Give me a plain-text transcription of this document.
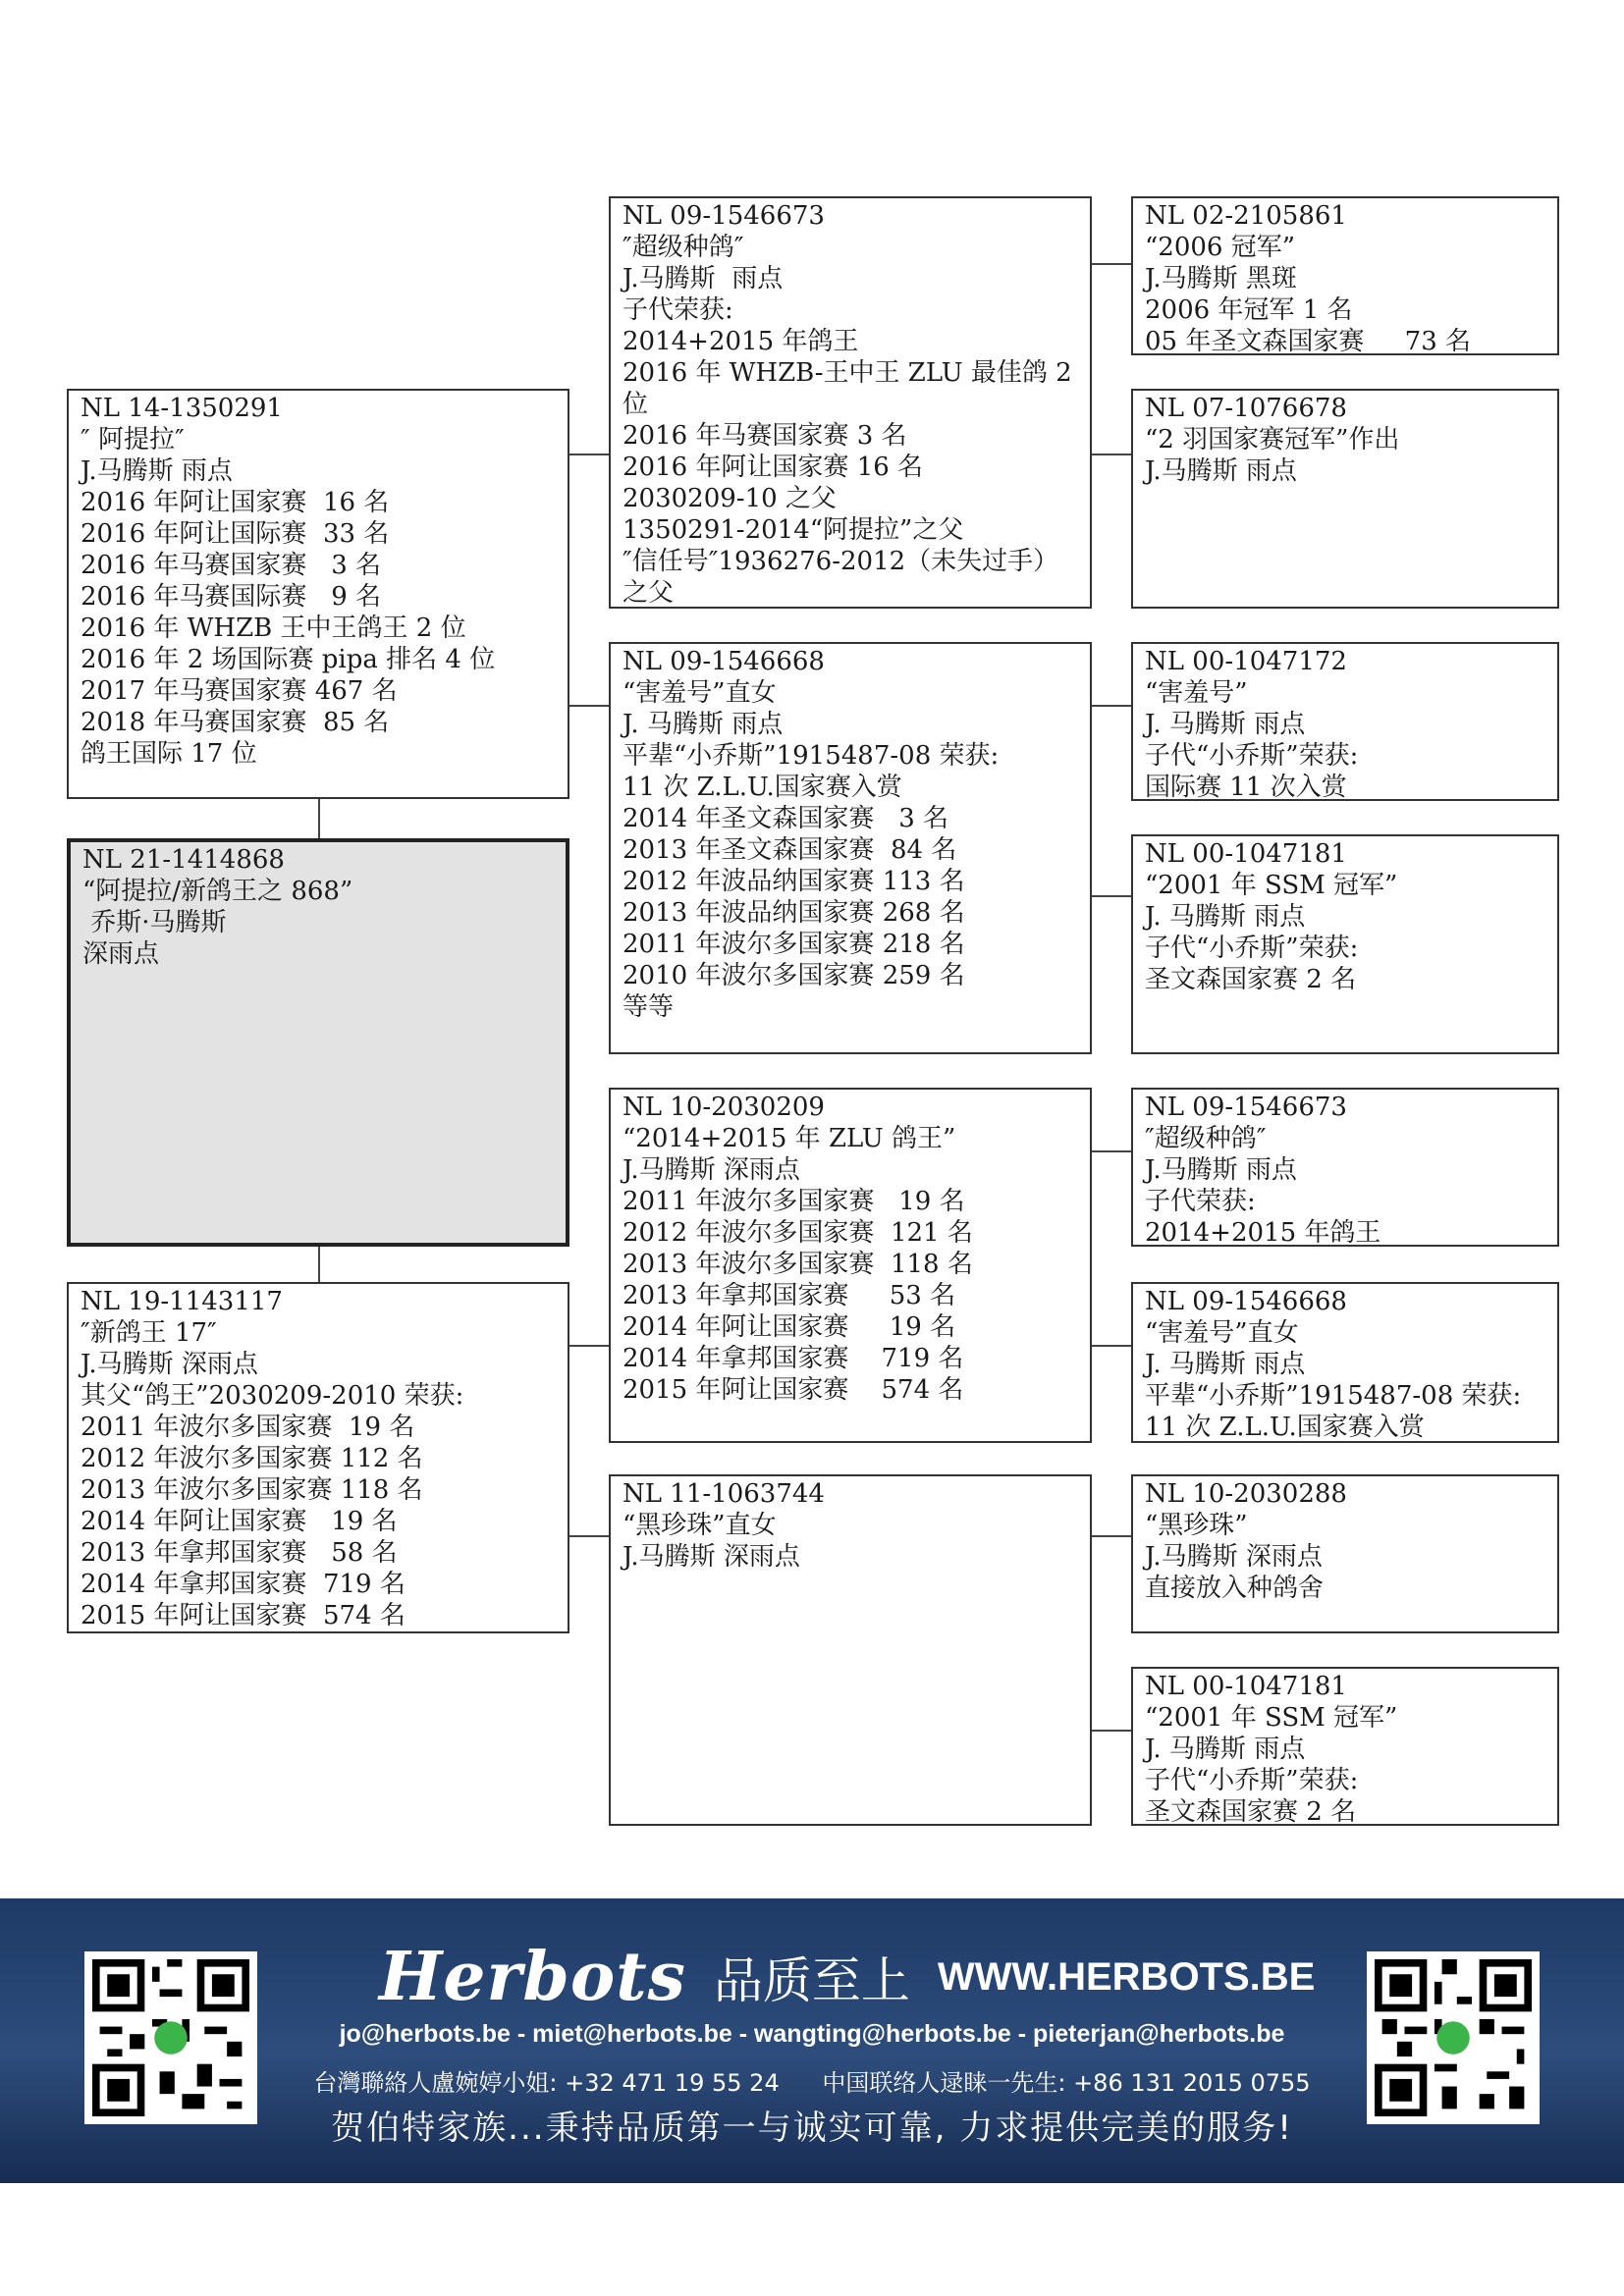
NL 14-1350291
″ 阿提拉″
J.马腾斯 雨点
2016 年阿让国家赛  16 名
2016 年阿让国际赛  33 名
2016 年马赛国家赛   3 名
2016 年马赛国际赛   9 名
2016 年 WHZB 王中王鸽王 2 位
2016 年 2 场国际赛 pipa 排名 4 位
2017 年马赛国家赛 467 名
2018 年马赛国家赛  85 名
鸽王国际 17 位
NL 21-1414868
“阿提拉/新鸽王之 868”
乔斯·马腾斯
深雨点
NL 19-1143117
″新鸽王 17″
J.马腾斯 深雨点
其父“鸽王”2030209-2010 荣获:
2011 年波尔多国家赛  19 名
2012 年波尔多国家赛 112 名
2013 年波尔多国家赛 118 名
2014 年阿让国家赛   19 名
2013 年拿邦国家赛   58 名
2014 年拿邦国家赛  719 名
2015 年阿让国家赛  574 名
NL 09-1546673
″超级种鸽″
J.马腾斯  雨点
子代荣获:
2014+2015 年鸽王
2016 年 WHZB-王中王 ZLU 最佳鸽 2
位
2016 年马赛国家赛 3 名
2016 年阿让国家赛 16 名
2030209-10 之父
1350291-2014“阿提拉”之父
″信任号″1936276-2012（未失过手）
之父
NL 09-1546668
“害羞号”直女
J. 马腾斯 雨点
平辈“小乔斯”1915487-08 荣获:
11 次 Z.L.U.国家赛入赏
2014 年圣文森国家赛   3 名
2013 年圣文森国家赛  84 名
2012 年波品纳国家赛 113 名
2013 年波品纳国家赛 268 名
2011 年波尔多国家赛 218 名
2010 年波尔多国家赛 259 名
等等
NL 10-2030209
“2014+2015 年 ZLU 鸽王”
J.马腾斯 深雨点
2011 年波尔多国家赛   19 名
2012 年波尔多国家赛  121 名
2013 年波尔多国家赛  118 名
2013 年拿邦国家赛     53 名
2014 年阿让国家赛     19 名
2014 年拿邦国家赛    719 名
2015 年阿让国家赛    574 名
NL 11-1063744
“黑珍珠”直女
J.马腾斯 深雨点
NL 02-2105861
“2006 冠军”
J.马腾斯 黑斑
2006 年冠军 1 名
05 年圣文森国家赛     73 名
NL 07-1076678
“2 羽国家赛冠军”作出
J.马腾斯 雨点
NL 00-1047172
“害羞号”
J. 马腾斯 雨点
子代“小乔斯”荣获:
国际赛 11 次入赏
NL 00-1047181
“2001 年 SSM 冠军”
J. 马腾斯 雨点
子代“小乔斯”荣获:
圣文森国家赛 2 名
NL 09-1546673
″超级种鸽″
J.马腾斯 雨点
子代荣获:
2014+2015 年鸽王
NL 09-1546668
“害羞号”直女
J. 马腾斯 雨点
平辈“小乔斯”1915487-08 荣获:
11 次 Z.L.U.国家赛入赏
NL 10-2030288
“黑珍珠”
J.马腾斯 深雨点
直接放入种鸽舍
NL 00-1047181
“2001 年 SSM 冠军”
J. 马腾斯 雨点
子代“小乔斯”荣获:
圣文森国家赛 2 名
Herbots 品质至上 WWW.HERBOTS.BE
jo@herbots.be - miet@herbots.be - wangting@herbots.be - pieterjan@herbots.be
台灣聯絡人盧婉婷小姐: +32 471 19 55 24 中国联络人逯睐一先生: +86 131 2015 0755
贺伯特家族...秉持品质第一与诚实可靠, 力求提供完美的服务!
